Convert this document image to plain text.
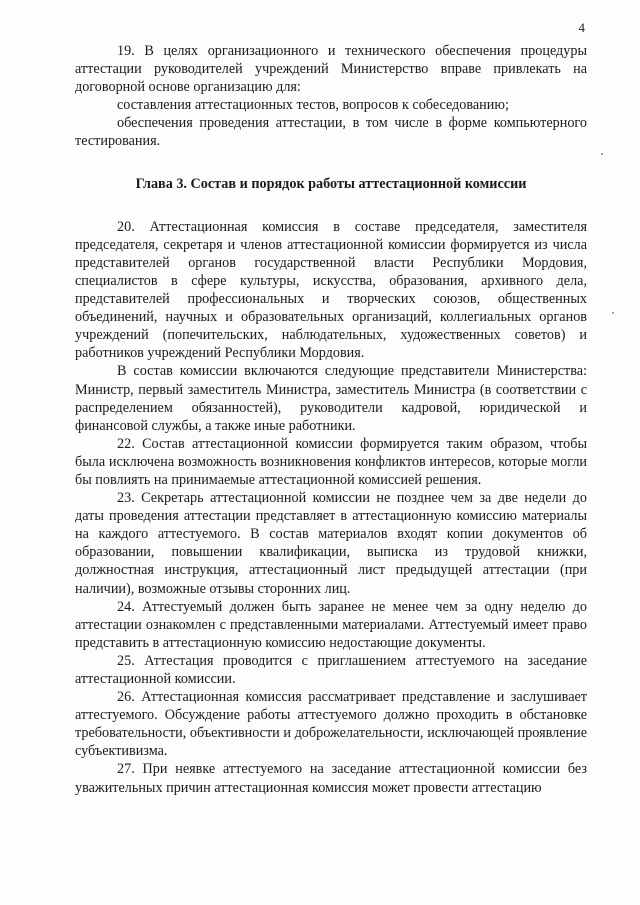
4

19. В целях организационного и технического обеспечения процедуры аттестации руководителей учреждений Министерство вправе привлекать на договорной основе организацию для:

составления аттестационных тестов, вопросов к собеседованию;

обеспечения проведения аттестации, в том числе в форме компьютерного тестирования.

Глава 3. Состав и порядок работы аттестационной комиссии

20. Аттестационная комиссия в составе председателя, заместителя председателя, секретаря и членов аттестационной комиссии формируется из числа представителей органов государственной власти Республики Мордовия, специалистов в сфере культуры, искусства, образования, архивного дела, представителей профессиональных и творческих союзов, общественных объединений, научных и образовательных организаций, коллегиальных органов учреждений (попечительских, наблюдательных, художественных советов) и работников учреждений Республики Мордовия.

В состав комиссии включаются следующие представители Министерства: Министр, первый заместитель Министра, заместитель Министра (в соответствии с распределением обязанностей), руководители кадровой, юридической и финансовой службы, а также иные работники.

22. Состав аттестационной комиссии формируется таким образом, чтобы была исключена возможность возникновения конфликтов интересов, которые могли бы повлиять на принимаемые аттестационной комиссией решения.

23. Секретарь аттестационной комиссии не позднее чем за две недели до даты проведения аттестации представляет в аттестационную комиссию материалы на каждого аттестуемого. В состав материалов входят копии документов об образовании, повышении квалификации, выписка из трудовой книжки, должностная инструкция, аттестационный лист предыдущей аттестации (при наличии), возможные отзывы сторонних лиц.

24. Аттестуемый должен быть заранее не менее чем за одну неделю до аттестации ознакомлен с представленными материалами. Аттестуемый имеет право представить в аттестационную комиссию недостающие документы.

25. Аттестация проводится с приглашением аттестуемого на заседание аттестационной комиссии.

26. Аттестационная комиссия рассматривает представление и заслушивает аттестуемого. Обсуждение работы аттестуемого должно проходить в обстановке требовательности, объективности и доброжелательности, исключающей проявление субъективизма.

27. При неявке аттестуемого на заседание аттестационной комиссии без уважительных причин аттестационная комиссия может провести аттестацию
